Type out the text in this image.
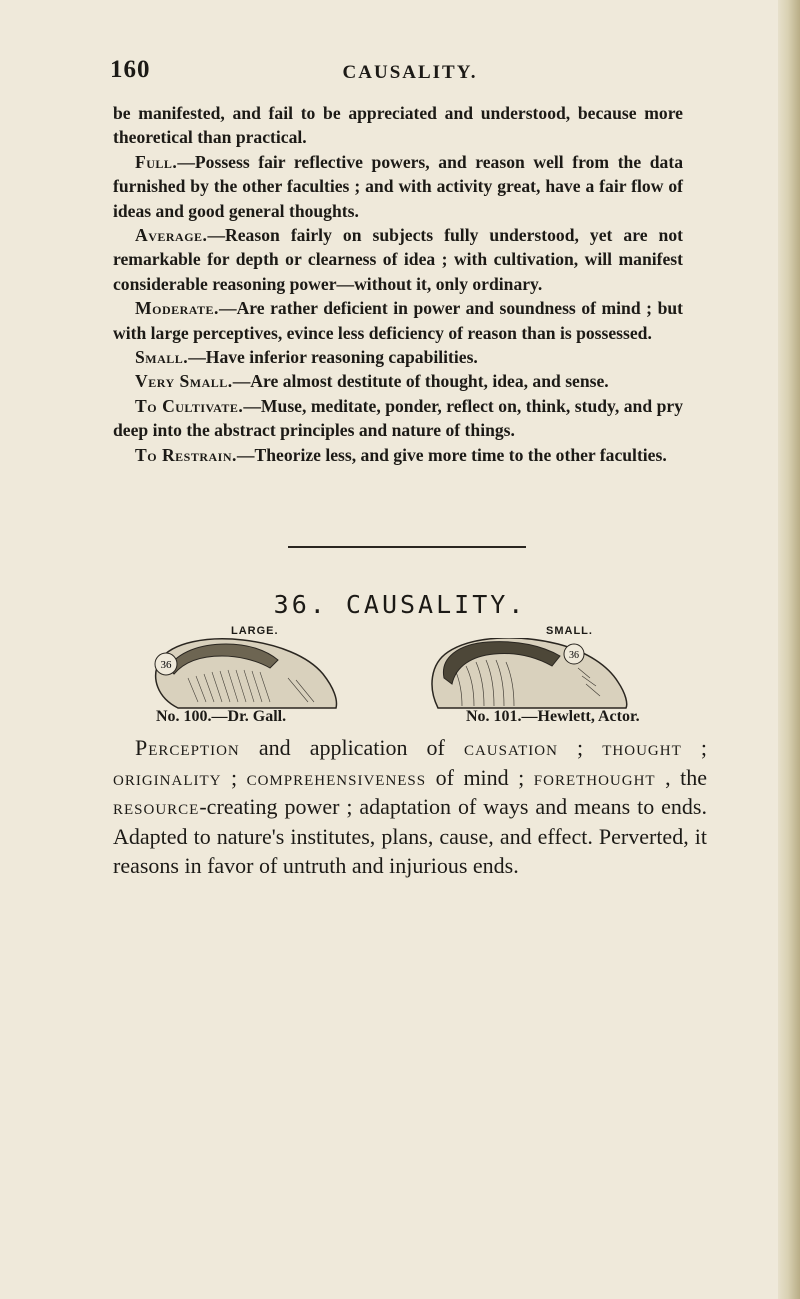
160	CAUSALITY.

be manifested, and fail to be appreciated and understood, because more theoretical than practical.

Full.—Possess fair reflective powers, and reason well from the data furnished by the other faculties ; and with activity great, have a fair flow of ideas and good general thoughts.

Average.—Reason fairly on subjects fully understood, yet are not remarkable for depth or clearness of idea ; with cultivation, will manifest considerable reasoning power—without it, only ordinary.

Moderate.—Are rather deficient in power and soundness of mind ; but with large perceptives, evince less deficiency of reason than is possessed.

Small.—Have inferior reasoning capabilities.

Very Small.—Are almost destitute of thought, idea, and sense.

To Cultivate.—Muse, meditate, ponder, reflect on, think, study, and pry deep into the abstract principles and nature of things.

To Restrain.—Theorize less, and give more time to the other faculties.

36. CAUSALITY.
LARGE.	SMALL.
No. 100.—Dr. Gall.	No. 101.—Hewlett, Actor.

Perception and application of causation ; thought ; originality ; comprehensiveness of mind ; forethought , the resource-creating power ; adaptation of ways and means to ends. Adapted to nature's institutes, plans, cause, and effect. Perverted, it reasons in favor of untruth and injurious ends.

36
36
